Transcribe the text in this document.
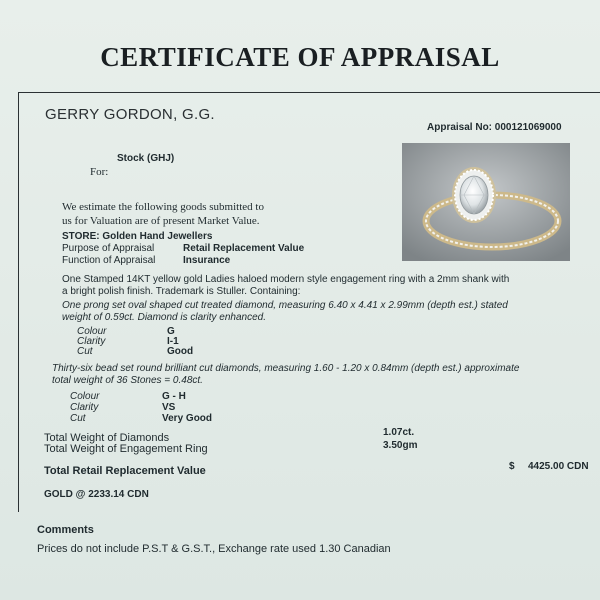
CERTIFICATE OF APPRAISAL
GERRY GORDON, G.G.
Appraisal No: 000121069000
Stock (GHJ)
For:
We estimate the following goods submitted to
us for Valuation are of present Market Value.
STORE: Golden Hand Jewellers
Purpose of Appraisal	Retail Replacement Value
Function of Appraisal	Insurance
One Stamped 14KT yellow gold Ladies haloed modern style engagement ring with a 2mm shank with
a bright polish finish. Trademark is Stuller. Containing:
One prong set oval shaped cut treated diamond, measuring 6.40 x 4.41 x 2.99mm (depth est.) stated
weight of 0.59ct. Diamond is clarity enhanced.
Colour	G
Clarity	I-1
Cut	Good
Thirty-six bead set round brilliant cut diamonds, measuring 1.60 - 1.20 x 0.84mm (depth est.) approximate
total weight of 36 Stones = 0.48ct.
Colour	G - H
Clarity	VS
Cut	Very Good
Total Weight of Diamonds	1.07ct.
Total Weight of Engagement Ring	3.50gm
Total Retail Replacement Value	$ 4425.00 CDN
GOLD @ 2233.14 CDN
Comments
Prices do not include P.S.T & G.S.T., Exchange rate used 1.30 Canadian
